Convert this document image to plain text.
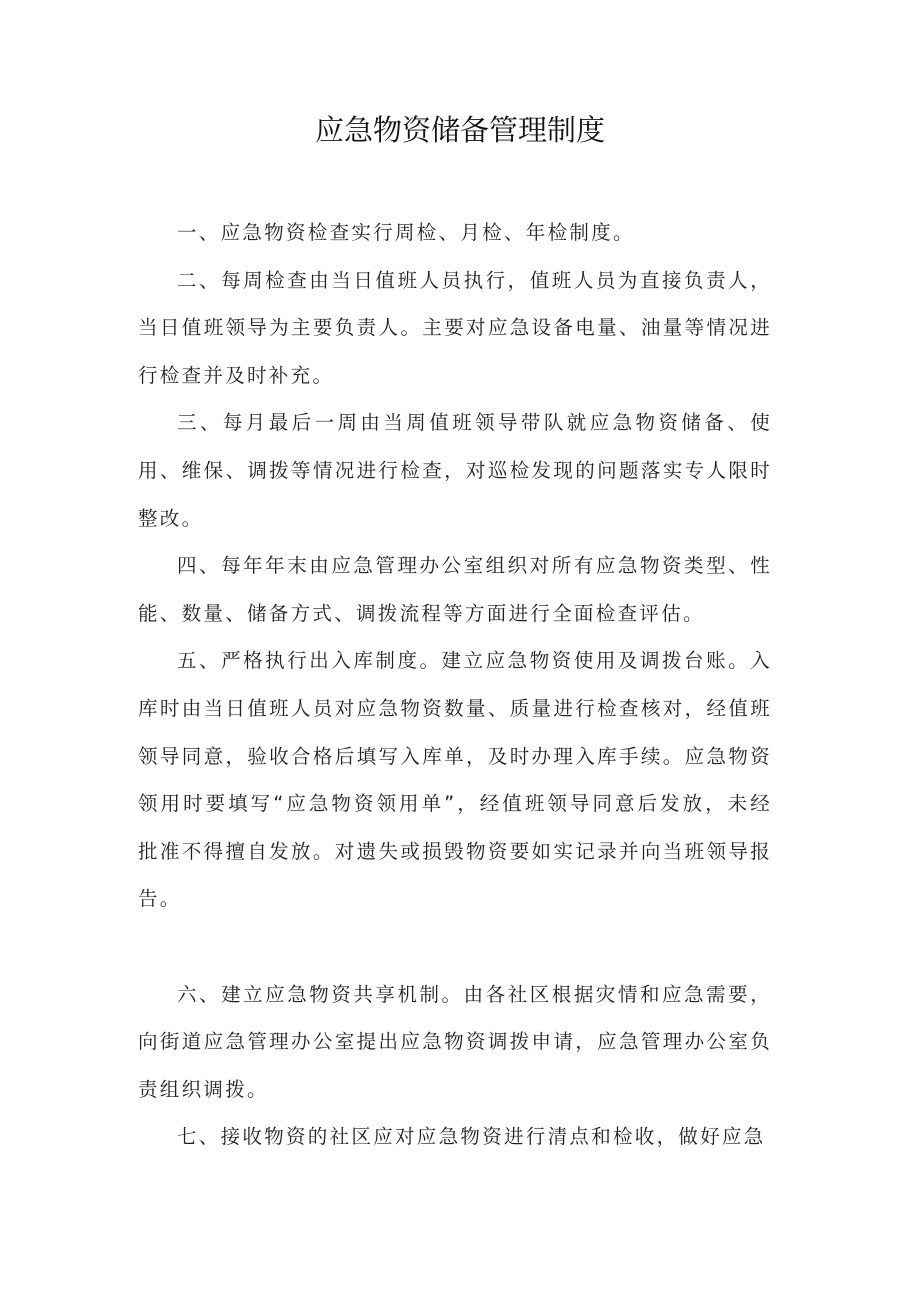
应急物资储备管理制度

一、应急物资检查实行周检、月检、年检制度。

二、每周检查由当日值班人员执行，值班人员为直接负责人，当日值班领导为主要负责人。主要对应急设备电量、油量等情况进行检查并及时补充。

三、每月最后一周由当周值班领导带队就应急物资储备、使用、维保、调拨等情况进行检查，对巡检发现的问题落实专人限时整改。

四、每年年末由应急管理办公室组织对所有应急物资类型、性能、数量、储备方式、调拨流程等方面进行全面检查评估。

五、严格执行出入库制度。建立应急物资使用及调拨台账。入库时由当日值班人员对应急物资数量、质量进行检查核对，经值班领导同意，验收合格后填写入库单，及时办理入库手续。应急物资领用时要填写“应急物资领用单”，经值班领导同意后发放，未经批准不得擅自发放。对遗失或损毁物资要如实记录并向当班领导报告。

六、建立应急物资共享机制。由各社区根据灾情和应急需要，向街道应急管理办公室提出应急物资调拨申请，应急管理办公室负责组织调拨。

七、接收物资的社区应对应急物资进行清点和检收，做好应急
